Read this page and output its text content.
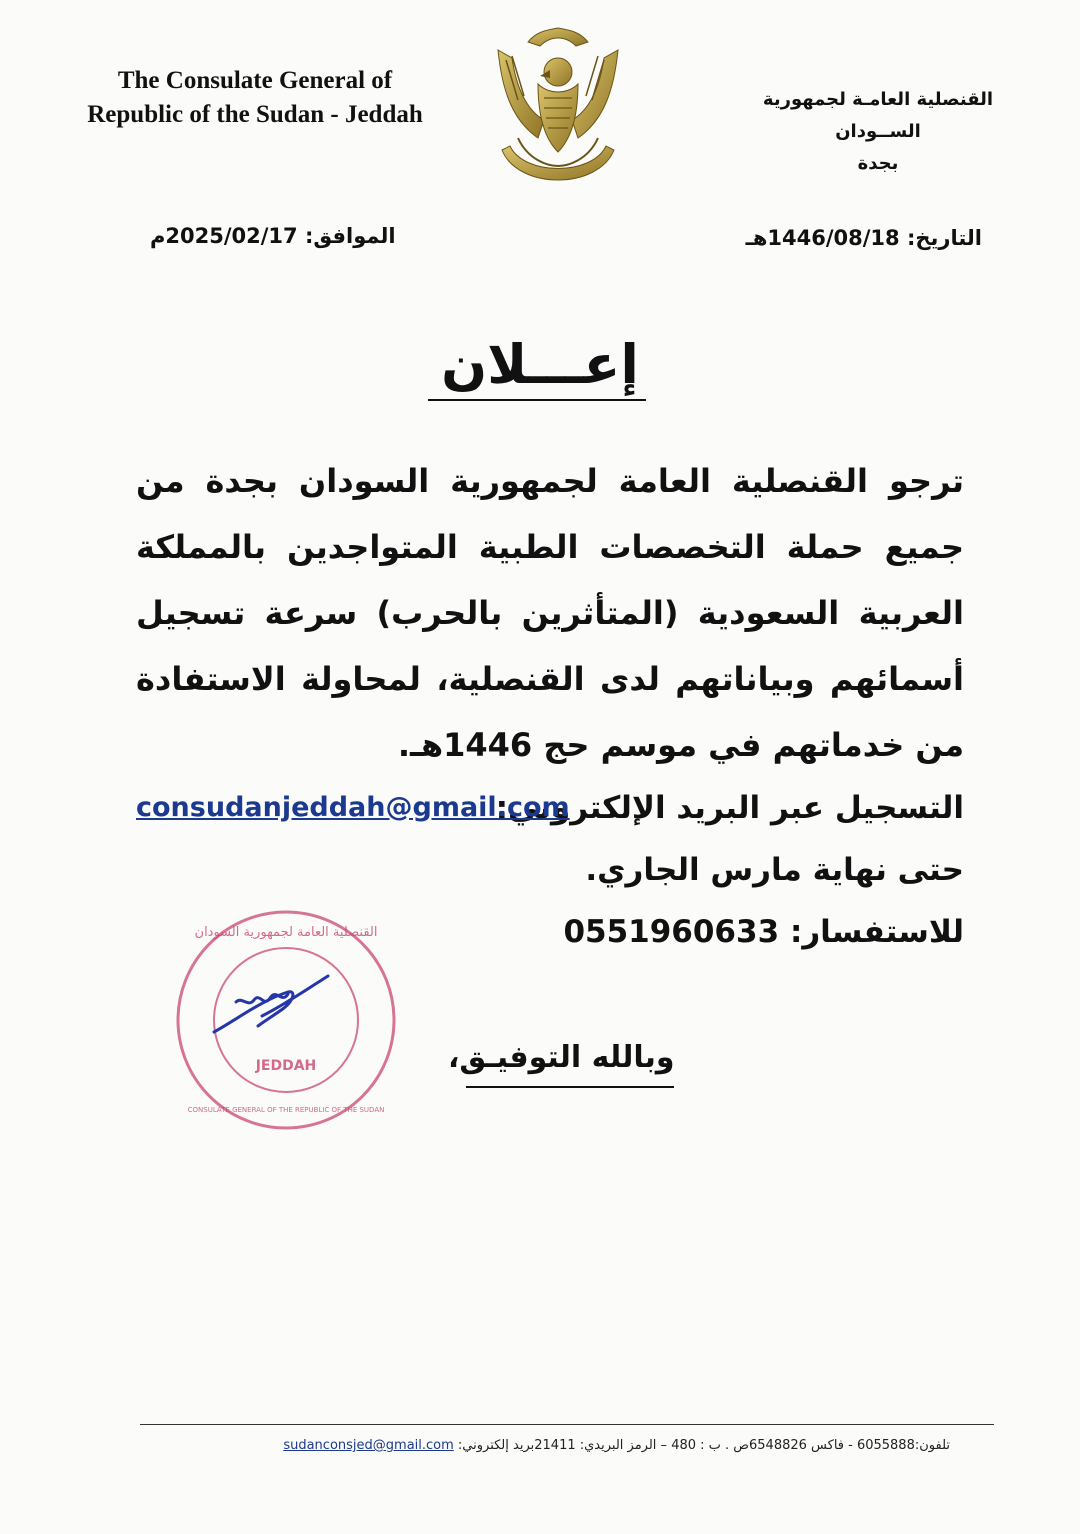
The Consulate General of
Republic of the Sudan - Jeddah
القنصلية العامـة لجمهورية الســودان
بجدة
التاريخ: 1446/08/18هـ
الموافق: 2025/02/17م
إعـــلان
ترجو القنصلية العامة لجمهورية السودان بجدة من جميع حملة التخصصات الطبية المتواجدين بالمملكة العربية السعودية (المتأثرين بالحرب) سرعة تسجيل أسمائهم وبياناتهم لدى القنصلية، لمحاولة الاستفادة من خدماتهم في موسم حج 1446هـ.
التسجيل عبر البريد الإلكتروني:
consudanjeddah@gmail.com
حتى نهاية مارس الجاري.
للاستفسار: 0551960633
القنصلية العامة لجمهورية السودان
JEDDAH
CONSULATE GENERAL OF THE REPUBLIC OF THE SUDAN
وبالله التوفيـق،
تلفون:6055888 - فاكس 6548826ص . ب : 480 – الرمز البريدي: 21411بريد إلكتروني: sudanconsjed@gmail.com
